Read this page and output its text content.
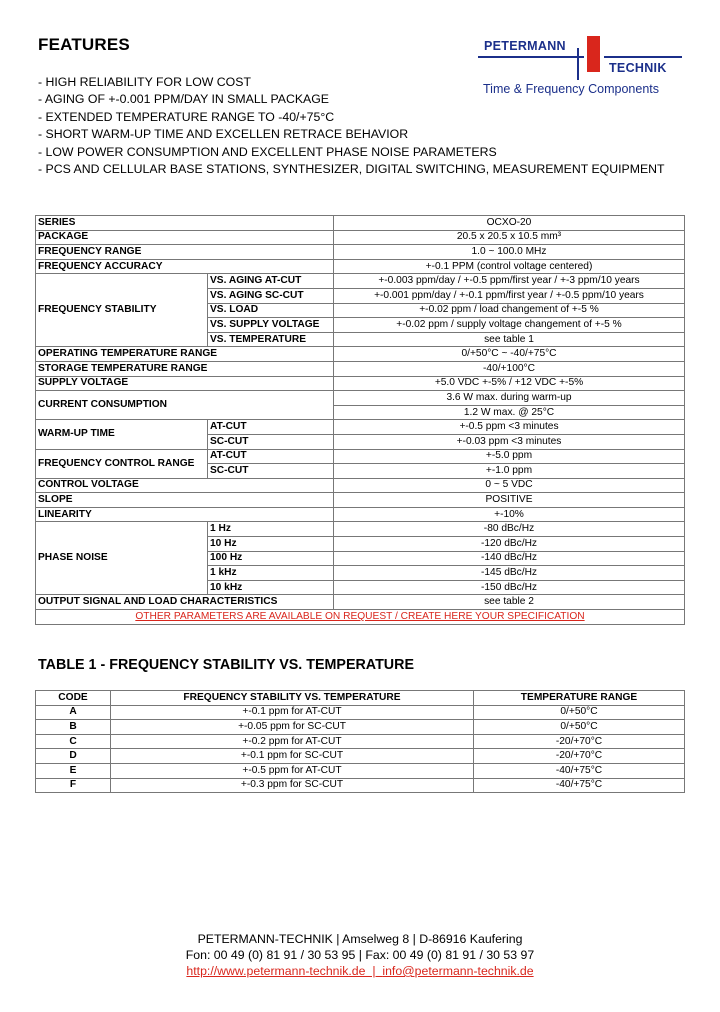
FEATURES
- HIGH RELIABILITY FOR LOW COST
- AGING OF +-0.001 PPM/DAY IN SMALL PACKAGE
- EXTENDED TEMPERATURE RANGE TO -40/+75°C
- SHORT WARM-UP TIME AND EXCELLEN RETRACE BEHAVIOR
- LOW POWER CONSUMPTION AND EXCELLENT PHASE NOISE PARAMETERS
- PCS AND CELLULAR BASE STATIONS, SYNTHESIZER, DIGITAL SWITCHING, MEASUREMENT EQUIPMENT
PETERMANN
TECHNIK
Time & Frequency Components
SERIES		OCXO-20
PACKAGE		20.5 x 20.5 x 10.5 mm³
FREQUENCY RANGE		1.0 ~ 100.0 MHz
FREQUENCY ACCURACY		+-0.1 PPM (control voltage centered)
FREQUENCY STABILITY	VS. AGING AT-CUT	+-0.003 ppm/day / +-0.5 ppm/first year / +-3 ppm/10 years
	VS. AGING SC-CUT	+-0.001 ppm/day / +-0.1 ppm/first year / +-0.5 ppm/10 years
	VS. LOAD	+-0.02 ppm / load changement of +-5 %
	VS. SUPPLY VOLTAGE	+-0.02 ppm / supply voltage changement of +-5 %
	VS. TEMPERATURE	see table 1
OPERATING TEMPERATURE RANGE		0/+50°C ~ -40/+75°C
STORAGE TEMPERATURE RANGE		-40/+100°C
SUPPLY VOLTAGE		+5.0 VDC +-5% / +12 VDC +-5%
CURRENT CONSUMPTION		3.6 W max. during warm-up
		1.2 W max. @ 25°C
WARM-UP TIME	AT-CUT	+-0.5 ppm <3 minutes
	SC-CUT	+-0.03 ppm <3 minutes
FREQUENCY CONTROL RANGE	AT-CUT	+-5.0 ppm
	SC-CUT	+-1.0 ppm
CONTROL VOLTAGE		0 ~ 5 VDC
SLOPE		POSITIVE
LINEARITY		+-10%
PHASE NOISE	1 Hz	-80 dBc/Hz
	10 Hz	-120 dBc/Hz
	100 Hz	-140 dBc/Hz
	1 kHz	-145 dBc/Hz
	10 kHz	-150 dBc/Hz
OUTPUT SIGNAL AND LOAD CHARACTERISTICS		see table 2
OTHER PARAMETERS ARE AVAILABLE ON REQUEST / CREATE HERE YOUR SPECIFICATION		
TABLE 1 - FREQUENCY STABILITY VS. TEMPERATURE
CODE	FREQUENCY STABILITY VS. TEMPERATURE	TEMPERATURE RANGE
A	+-0.1 ppm for AT-CUT	0/+50°C
B	+-0.05 ppm for SC-CUT	0/+50°C
C	+-0.2 ppm for AT-CUT	-20/+70°C
D	+-0.1 ppm for SC-CUT	-20/+70°C
E	+-0.5 ppm for AT-CUT	-40/+75°C
F	+-0.3 ppm for SC-CUT	-40/+75°C
PETERMANN-TECHNIK | Amselweg 8 | D-86916 Kaufering
Fon: 00 49 (0) 81 91 / 30 53 95 | Fax: 00 49 (0) 81 91 / 30 53 97
http://www.petermann-technik.de  |  info@petermann-technik.de
